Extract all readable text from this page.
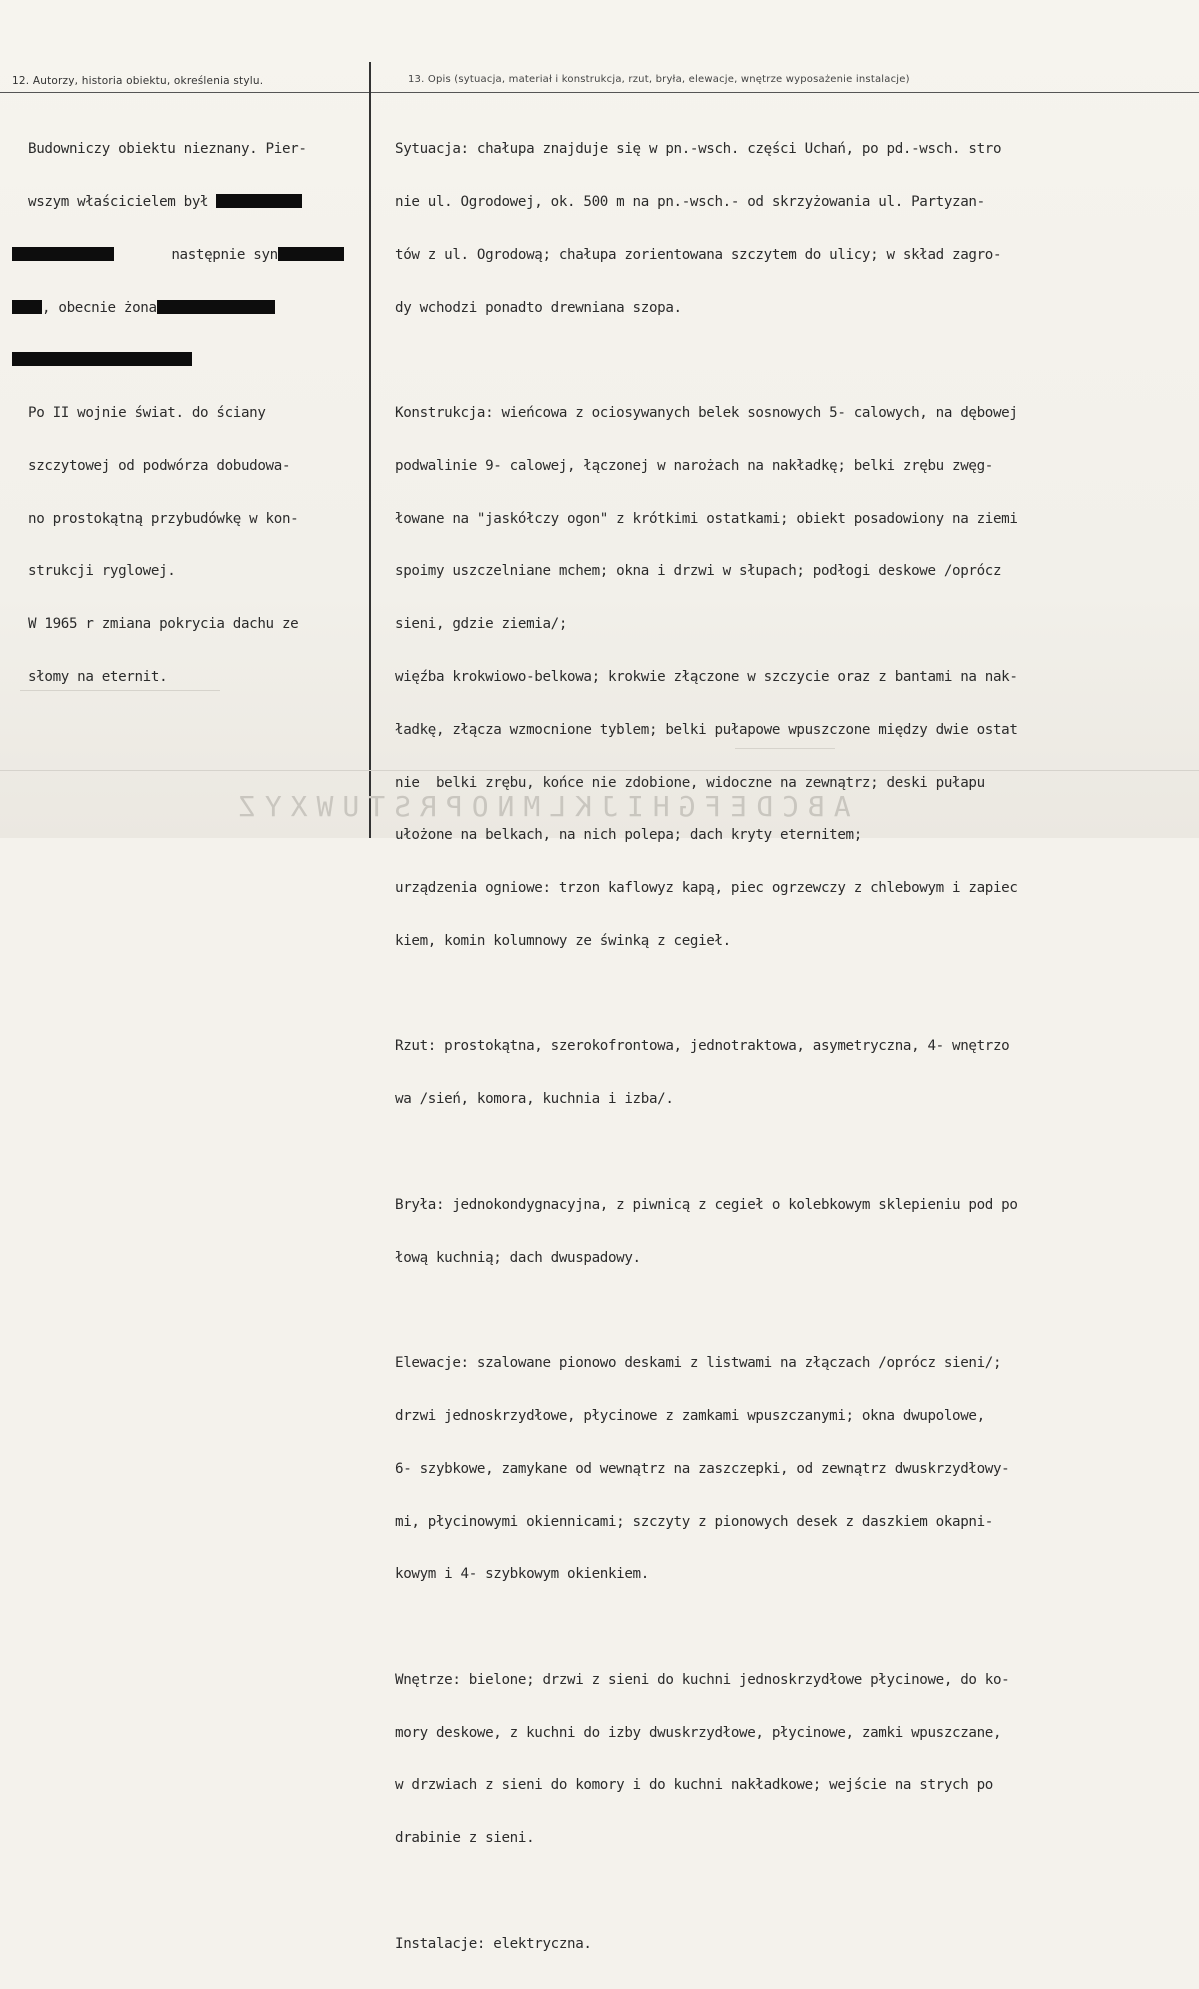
12. Autorzy, historia obiektu, określenia stylu.	13. Opis (sytuacja, materiał i konstrukcja, rzut, bryła, elewacje, wnętrze wyposażenie instalacje)

Budowniczy obiektu nieznany. Pier-

wszym właścicielem był

następnie syn

, obecnie żona

Po II wojnie świat. do ściany

szczytowej od podwórza dobudowa-

no prostokątną przybudówkę w kon-

strukcji ryglowej.

W 1965 r zmiana pokrycia dachu ze

słomy na eternit.

Sytuacja: chałupa znajduje się w pn.-wsch. części Uchań, po pd.-wsch. stro

nie ul. Ogrodowej, ok. 500 m na pn.-wsch.- od skrzyżowania ul. Partyzan-

tów z ul. Ogrodową; chałupa zorientowana szczytem do ulicy; w skład zagro-

dy wchodzi ponadto drewniana szopa.

Konstrukcja: wieńcowa z ociosywanych belek sosnowych 5- calowych, na dębowej

podwalinie 9- calowej, łączonej w narożach na nakładkę; belki zrębu zwęg-

łowane na "jaskółczy ogon" z krótkimi ostatkami; obiekt posadowiony na ziemi

spoimy uszczelniane mchem; okna i drzwi w słupach; podłogi deskowe /oprócz

sieni, gdzie ziemia/;

więźba krokwiowo-belkowa; krokwie złączone w szczycie oraz z bantami na nak-

ładkę, złącza wzmocnione tyblem; belki pułapowe wpuszczone między dwie ostat

nie  belki zrębu, końce nie zdobione, widoczne na zewnątrz; deski pułapu

ułożone na belkach, na nich polepa; dach kryty eternitem;

urządzenia ogniowe: trzon kaflowyz kapą, piec ogrzewczy z chlebowym i zapiec

kiem, komin kolumnowy ze świnką z cegieł.

Rzut: prostokątna, szerokofrontowa, jednotraktowa, asymetryczna, 4- wnętrzo

wa /sień, komora, kuchnia i izba/.

Bryła: jednokondygnacyjna, z piwnicą z cegieł o kolebkowym sklepieniu pod po

łową kuchnią; dach dwuspadowy.

Elewacje: szalowane pionowo deskami z listwami na złączach /oprócz sieni/;

drzwi jednoskrzydłowe, płycinowe z zamkami wpuszczanymi; okna dwupolowe,

6- szybkowe, zamykane od wewnątrz na zaszczepki, od zewnątrz dwuskrzydłowy-

mi, płycinowymi okiennicami; szczyty z pionowych desek z daszkiem okapni-

kowym i 4- szybkowym okienkiem.

Wnętrze: bielone; drzwi z sieni do kuchni jednoskrzydłowe płycinowe, do ko-

mory deskowe, z kuchni do izby dwuskrzydłowe, płycinowe, zamki wpuszczane,

w drzwiach z sieni do komory i do kuchni nakładkowe; wejście na strych po

drabinie z sieni.

Instalacje: elektryczna.

ABCDEFGHIJKLMNOPRSTUWXYZ
